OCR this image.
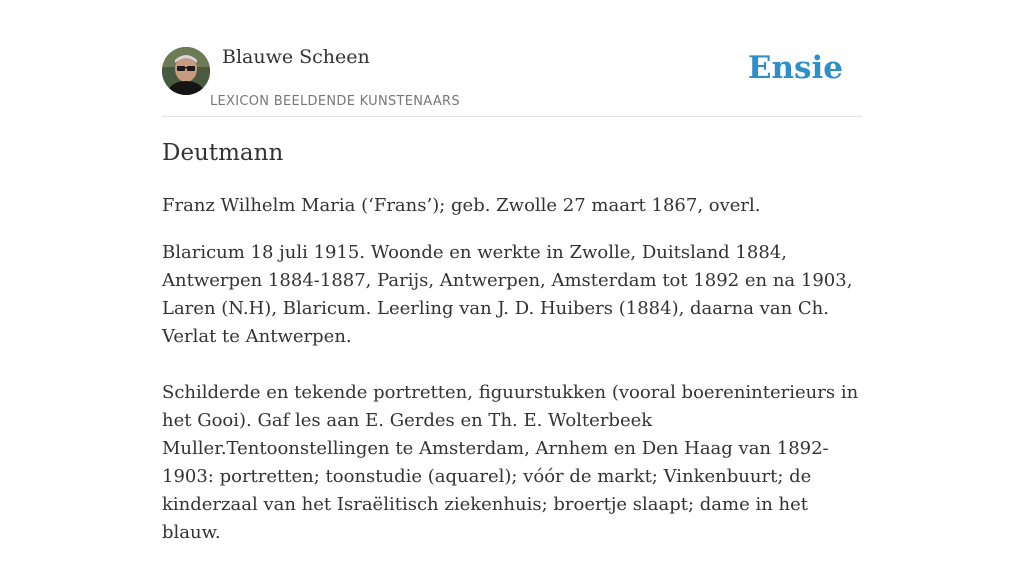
Blauwe Scheen
LEXICON BEELDENDE KUNSTENAARS
Ensie
Deutmann

Franz Wilhelm Maria (‘Frans’); geb. Zwolle 27 maart 1867, overl.

Blaricum 18 juli 1915. Woonde en werkte in Zwolle, Duitsland 1884, Antwerpen 1884-1887, Parijs, Antwerpen, Amsterdam tot 1892 en na 1903, Laren (N.H), Blaricum. Leerling van J. D. Huibers (1884), daarna van Ch. Verlat te Antwerpen.

Schilderde en tekende portretten, figuurstukken (vooral boereninterieurs in het Gooi). Gaf les aan E. Gerdes en Th. E. Wolterbeek Muller.Tentoonstellingen te Amsterdam, Arnhem en Den Haag van 1892-1903: portretten; toonstudie (aquarel); vóór de markt; Vinkenbuurt; de kinderzaal van het Israëlitisch ziekenhuis; broertje slaapt; dame in het blauw.
